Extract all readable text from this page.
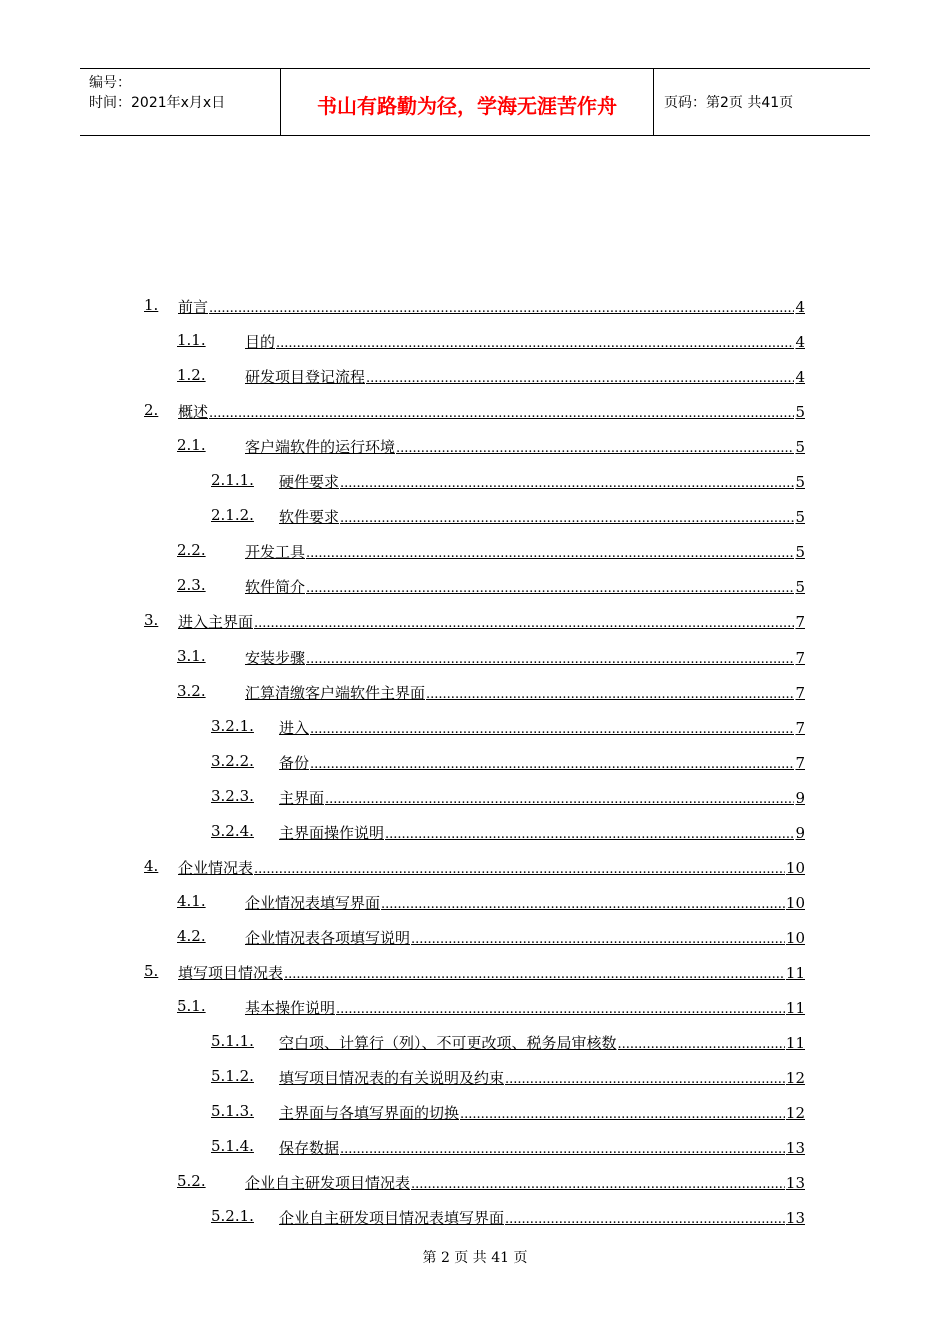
编号：
时间：2021年x月x日	书山有路勤为径，学海无涯苦作舟	页码：第2页 共41页
1. 前言 .....	4
1.1.	目的 .....	4
1.2.	研发项目登记流程 .....	4
2. 概述 .....	5
2.1.	客户端软件的运行环境 .....	5
2.1.1. 硬件要求 .....	5
2.1.2. 软件要求 .....	5
2.2.	开发工具 .....	5
2.3.	软件简介 .....	5
3. 进入主界面 .....	7
3.1.	安装步骤 .....	7
3.2.	汇算清缴客户端软件主界面 .....	7
3.2.1. 进入 .....	7
3.2.2. 备份 .....	7
3.2.3. 主界面 .....	9
3.2.4. 主界面操作说明 .....	9
4. 企业情况表 .....	10
4.1.	企业情况表填写界面 .....	10
4.2.	企业情况表各项填写说明 .....	10
5. 填写项目情况表 .....	11
5.1.	基本操作说明 .....	11
5.1.1. 空白项、计算行（列）、不可更改项、税务局审核数 .....	11
5.1.2. 填写项目情况表的有关说明及约束 .....	12
5.1.3. 主界面与各填写界面的切换 .....	12
5.1.4. 保存数据 .....	13
5.2.	企业自主研发项目情况表 .....	13
5.2.1. 企业自主研发项目情况表填写界面 .....	13
第 2 页 共 41 页
